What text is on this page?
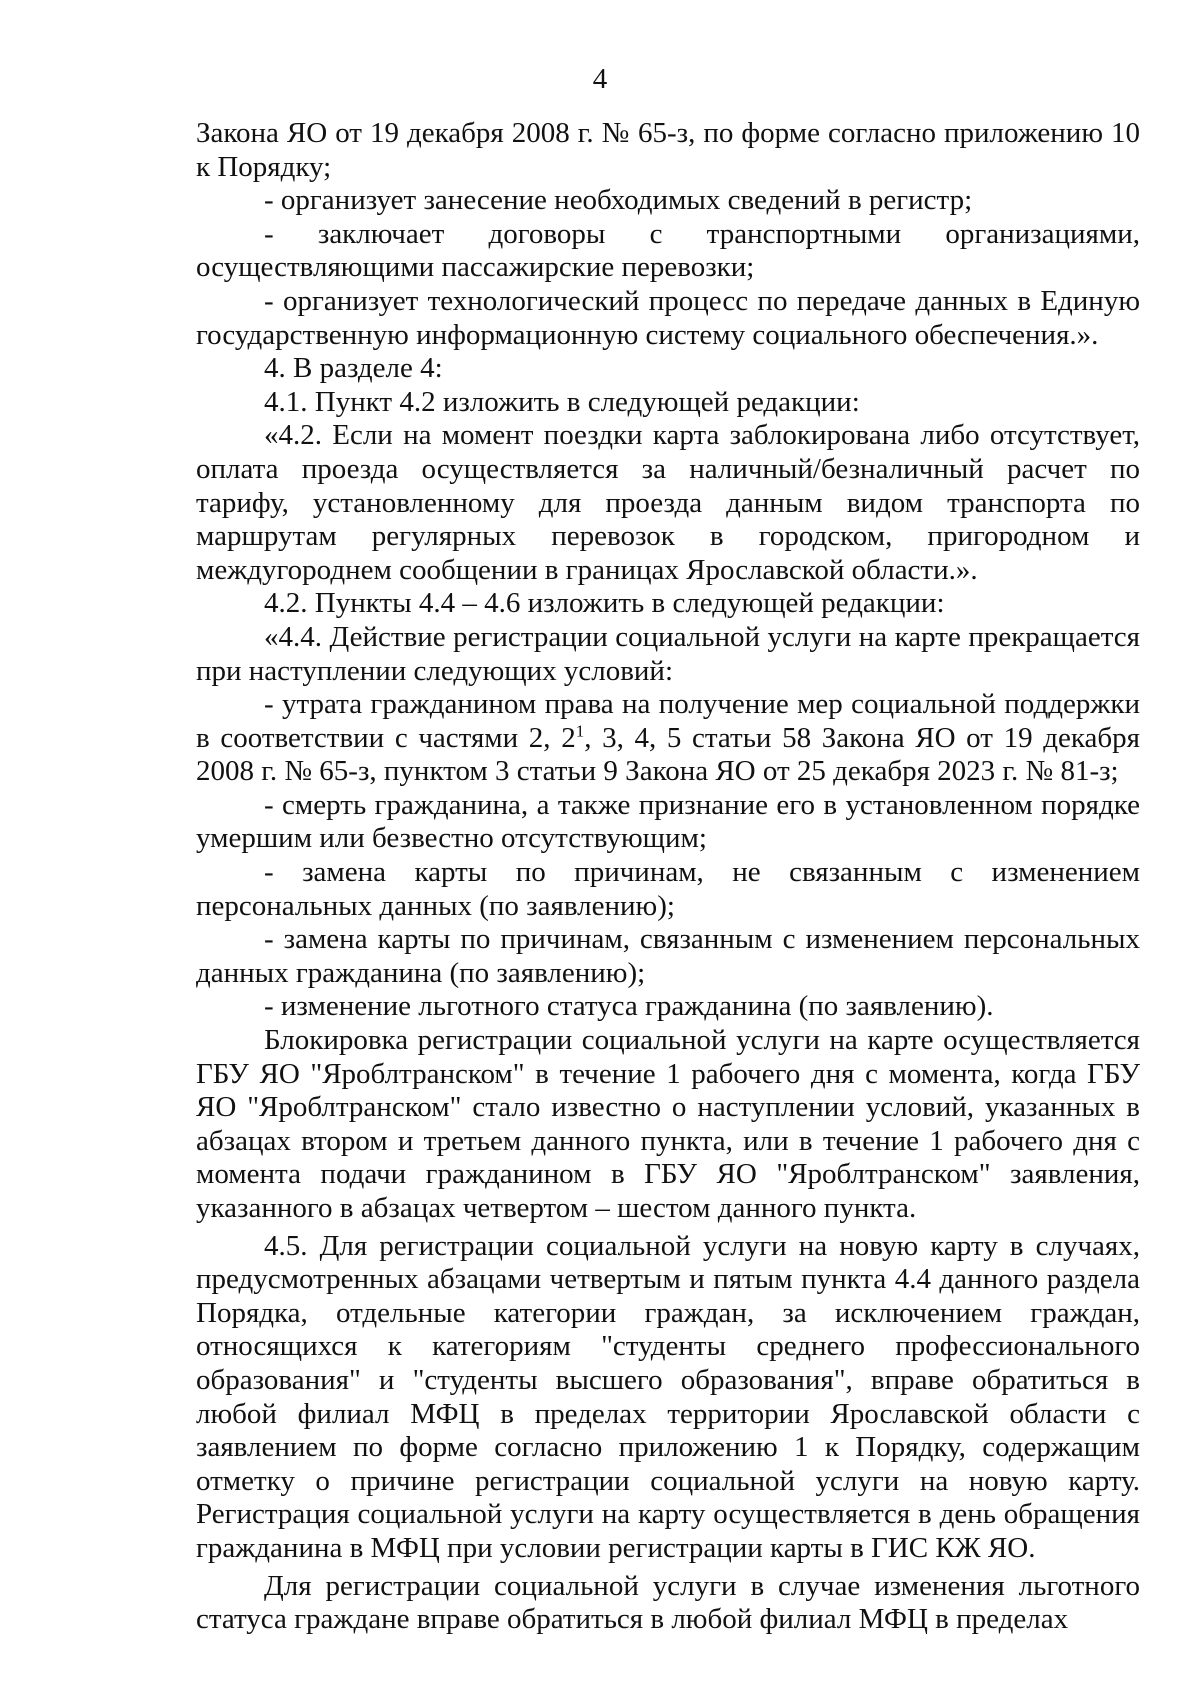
4

Закона ЯО от 19 декабря 2008 г. № 65-з, по форме согласно приложению 10 к Порядку;

- организует занесение необходимых сведений в регистр;

- заключает договоры с транспортными организациями, осуществляющими пассажирские перевозки;

- организует технологический процесс по передаче данных в Единую государственную информационную систему социального обеспечения.».

4. В разделе 4:

4.1. Пункт 4.2 изложить в следующей редакции:

«4.2. Если на момент поездки карта заблокирована либо отсутствует, оплата проезда осуществляется за наличный/безналичный расчет по тарифу, установленному для проезда данным видом транспорта по маршрутам регулярных перевозок в городском, пригородном и междугороднем сообщении в границах Ярославской области.».

4.2. Пункты 4.4 – 4.6 изложить в следующей редакции:

«4.4. Действие регистрации социальной услуги на карте прекращается при наступлении следующих условий:

- утрата гражданином права на получение мер социальной поддержки в соответствии с частями 2, $2^1$, 3, 4, 5 статьи 58 Закона ЯО от 19 декабря 2008 г. № 65-з, пунктом 3 статьи 9 Закона ЯО от 25 декабря 2023 г. № 81-з;

- смерть гражданина, а также признание его в установленном порядке умершим или безвестно отсутствующим;

- замена карты по причинам, не связанным с изменением персональных данных (по заявлению);

- замена карты по причинам, связанным с изменением персональных данных гражданина (по заявлению);

- изменение льготного статуса гражданина (по заявлению).

Блокировка регистрации социальной услуги на карте осуществляется ГБУ ЯО "Яроблтранском" в течение 1 рабочего дня с момента, когда ГБУ ЯО "Яроблтранском" стало известно о наступлении условий, указанных в абзацах втором и третьем данного пункта, или в течение 1 рабочего дня с момента подачи гражданином в ГБУ ЯО "Яроблтранском" заявления, указанного в абзацах четвертом – шестом данного пункта.

4.5. Для регистрации социальной услуги на новую карту в случаях, предусмотренных абзацами четвертым и пятым пункта 4.4 данного раздела Порядка, отдельные категории граждан, за исключением граждан, относящихся к категориям "студенты среднего профессионального образования" и "студенты высшего образования", вправе обратиться в любой филиал МФЦ в пределах территории Ярославской области с заявлением по форме согласно приложению 1 к Порядку, содержащим отметку о причине регистрации социальной услуги на новую карту. Регистрация социальной услуги на карту осуществляется в день обращения гражданина в МФЦ при условии регистрации карты в ГИС КЖ ЯО.

Для регистрации социальной услуги в случае изменения льготного статуса граждане вправе обратиться в любой филиал МФЦ в пределах
